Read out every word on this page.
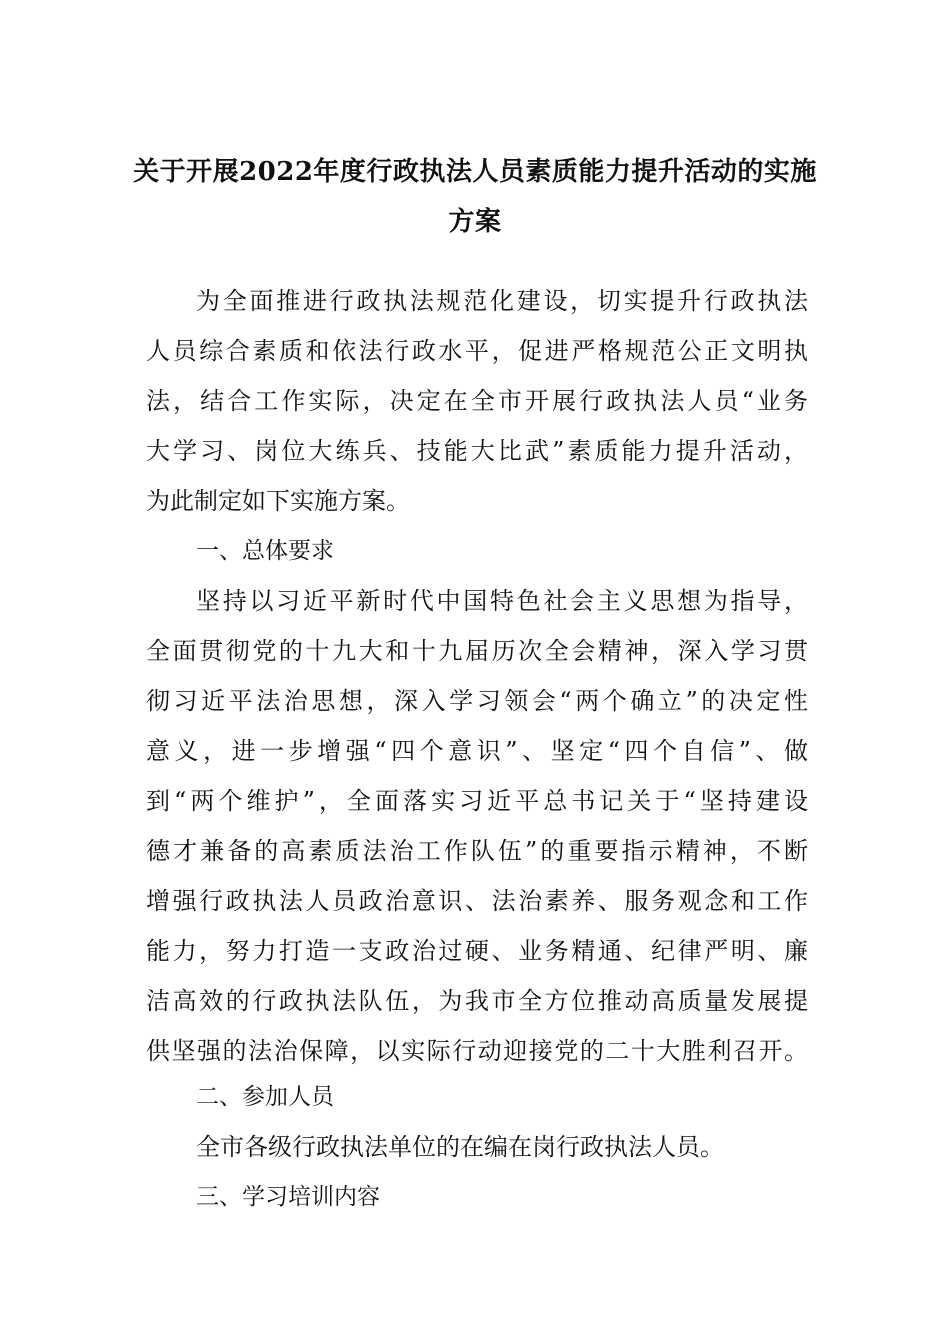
关于开展2022年度行政执法人员素质能力提升活动的实施
方案
为全面推进行政执法规范化建设，切实提升行政执法
人员综合素质和依法行政水平，促进严格规范公正文明执
法，结合工作实际，决定在全市开展行政执法人员“业务
大学习、岗位大练兵、技能大比武”素质能力提升活动，
为此制定如下实施方案。
一、总体要求
坚持以习近平新时代中国特色社会主义思想为指导，
全面贯彻党的十九大和十九届历次全会精神，深入学习贯
彻习近平法治思想，深入学习领会“两个确立”的决定性
意义，进一步增强“四个意识”、坚定“四个自信”、做
到“两个维护”，全面落实习近平总书记关于“坚持建设
德才兼备的高素质法治工作队伍”的重要指示精神，不断
增强行政执法人员政治意识、法治素养、服务观念和工作
能力，努力打造一支政治过硬、业务精通、纪律严明、廉
洁高效的行政执法队伍，为我市全方位推动高质量发展提
供坚强的法治保障，以实际行动迎接党的二十大胜利召开。
二、参加人员
全市各级行政执法单位的在编在岗行政执法人员。
三、学习培训内容
